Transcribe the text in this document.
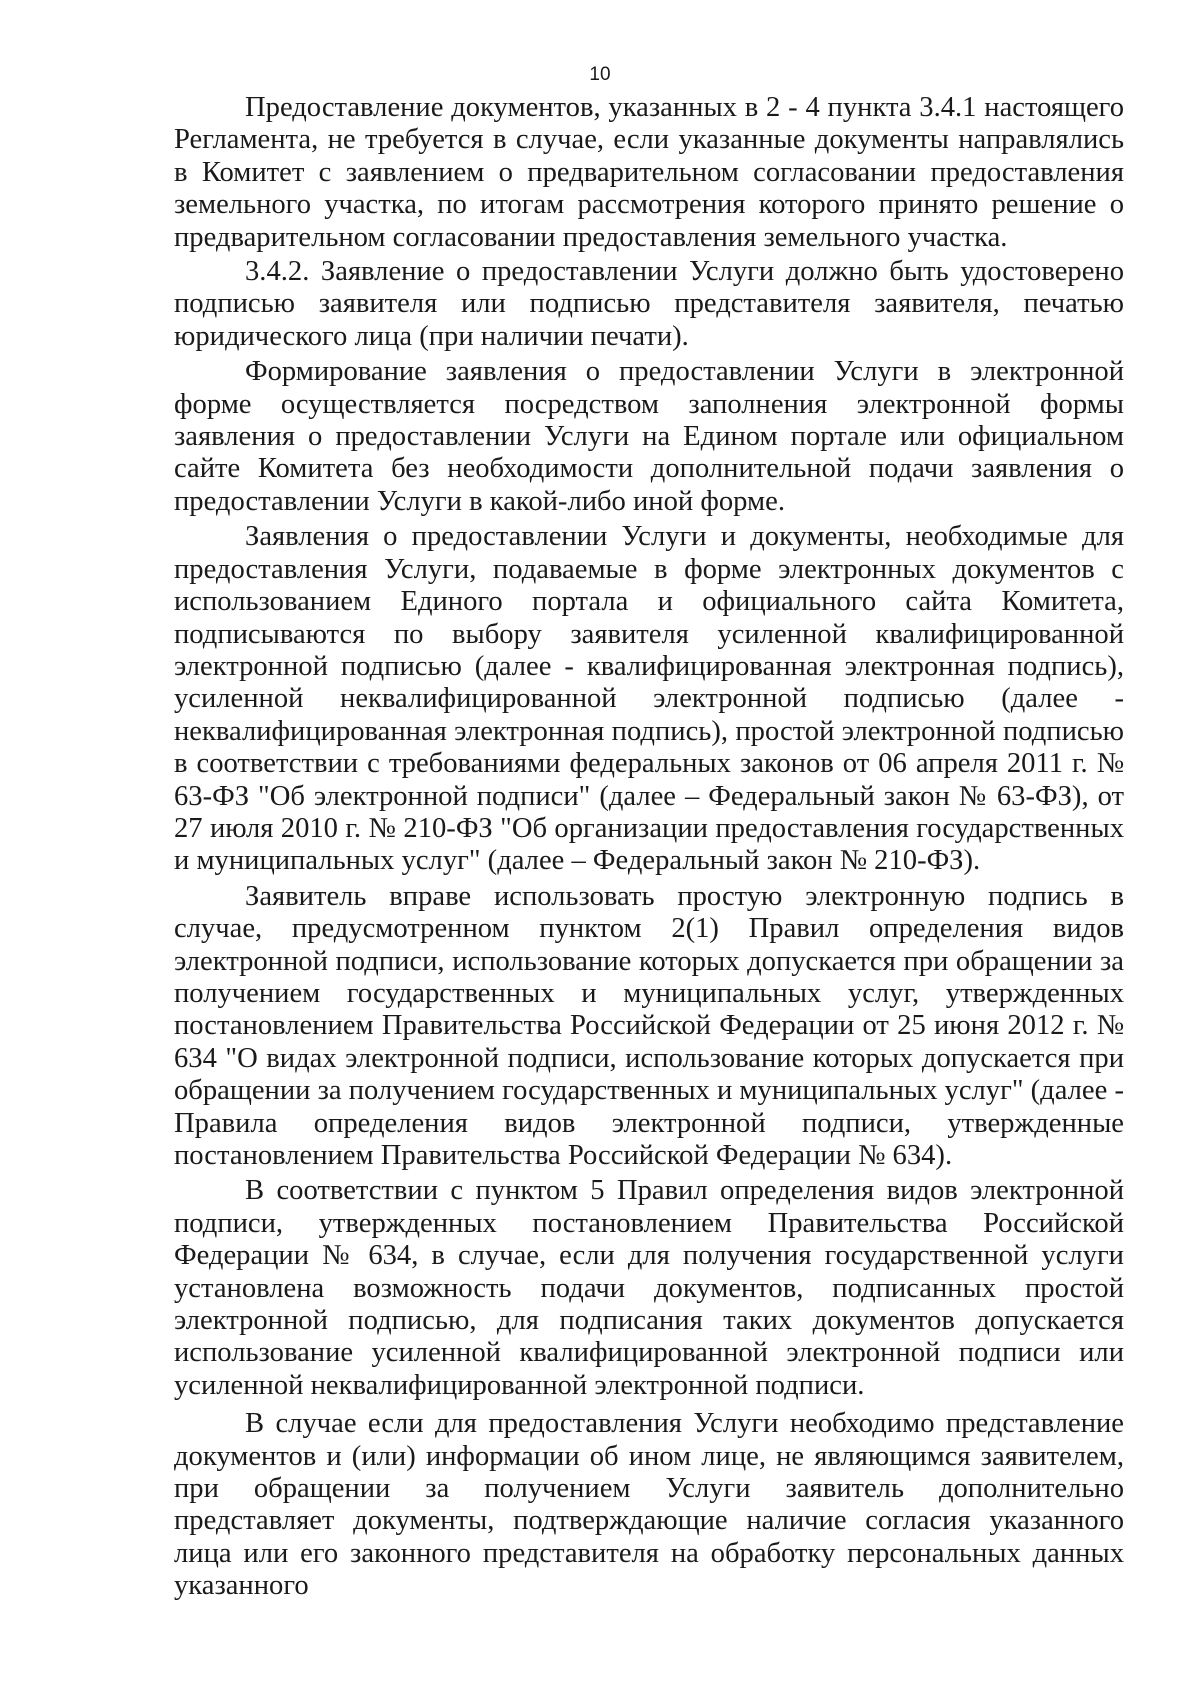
10

Предоставление документов, указанных в 2 - 4 пункта 3.4.1 настоящего Регламента, не требуется в случае, если указанные документы направлялись в Комитет с заявлением о предварительном согласовании предоставления земельного участка, по итогам рассмотрения которого принято решение о предварительном согласовании предоставления земельного участка.

3.4.2. Заявление о предоставлении Услуги должно быть удостоверено подписью заявителя или подписью представителя заявителя, печатью юридического лица (при наличии печати).

Формирование заявления о предоставлении Услуги в электронной форме осуществляется посредством заполнения электронной формы заявления о предоставлении Услуги на Едином портале или официальном сайте Комитета без необходимости дополнительной подачи заявления о предоставлении Услуги в какой-либо иной форме.

Заявления о предоставлении Услуги и документы, необходимые для предоставления Услуги, подаваемые в форме электронных документов с использованием Единого портала и официального сайта Комитета, подписываются по выбору заявителя усиленной квалифицированной электронной подписью (далее - квалифицированная электронная подпись), усиленной неквалифицированной электронной подписью (далее - неквалифицированная электронная подпись), простой электронной подписью в соответствии с требованиями федеральных законов от 06 апреля 2011 г. № 63-ФЗ "Об электронной подписи" (далее – Федеральный закон № 63-ФЗ), от 27 июля 2010 г. № 210-ФЗ "Об организации предоставления государственных и муниципальных услуг" (далее – Федеральный закон № 210-ФЗ).

Заявитель вправе использовать простую электронную подпись в случае, предусмотренном пунктом 2(1) Правил определения видов электронной подписи, использование которых допускается при обращении за получением государственных и муниципальных услуг, утвержденных постановлением Правительства Российской Федерации от 25 июня 2012 г. № 634 "О видах электронной подписи, использование которых допускается при обращении за получением государственных и муниципальных услуг" (далее - Правила определения видов электронной подписи, утвержденные постановлением Правительства Российской Федерации № 634).

В соответствии с пунктом 5 Правил определения видов электронной подписи, утвержденных постановлением Правительства Российской Федерации № 634, в случае, если для получения государственной услуги установлена возможность подачи документов, подписанных простой электронной подписью, для подписания таких документов допускается использование усиленной квалифицированной электронной подписи или усиленной неквалифицированной электронной подписи.

В случае если для предоставления Услуги необходимо представление документов и (или) информации об ином лице, не являющимся заявителем, при обращении за получением Услуги заявитель дополнительно представляет документы, подтверждающие наличие согласия указанного лица или его законного представителя на обработку персональных данных указанного
